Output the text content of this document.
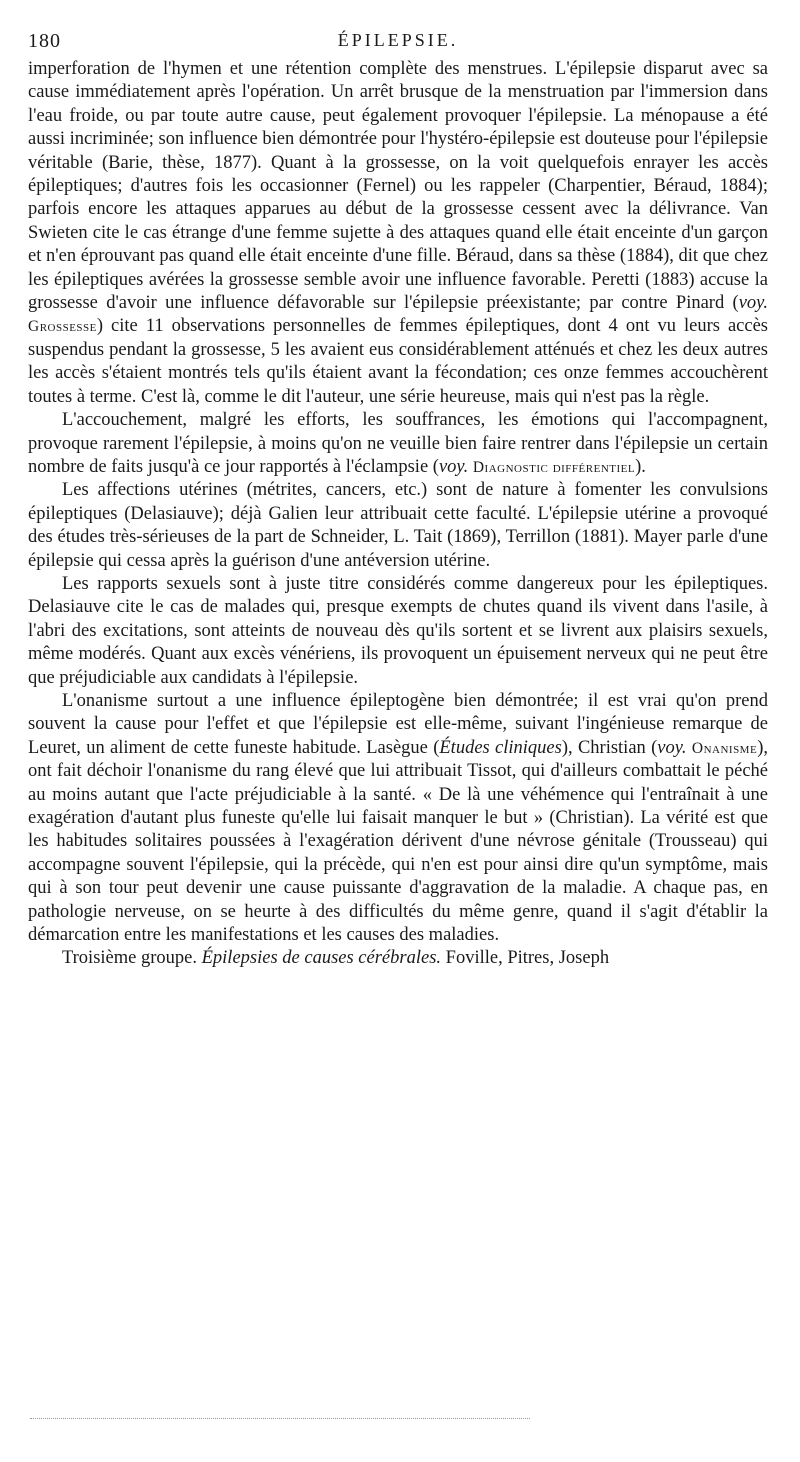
180	ÉPILEPSIE.

imperforation de l'hymen et une rétention complète des menstrues. L'épilepsie disparut avec sa cause immédiatement après l'opération. Un arrêt brusque de la menstruation par l'immersion dans l'eau froide, ou par toute autre cause, peut également provoquer l'épilepsie. La ménopause a été aussi incriminée; son influence bien démontrée pour l'hystéro-épilepsie est douteuse pour l'épilepsie véritable (Barie, thèse, 1877). Quant à la grossesse, on la voit quelquefois enrayer les accès épileptiques; d'autres fois les occasionner (Fernel) ou les rappeler (Charpentier, Béraud, 1884); parfois encore les attaques apparues au début de la grossesse cessent avec la délivrance. Van Swieten cite le cas étrange d'une femme sujette à des attaques quand elle était enceinte d'un garçon et n'en éprouvant pas quand elle était enceinte d'une fille. Béraud, dans sa thèse (1884), dit que chez les épileptiques avérées la grossesse semble avoir une influence favorable. Peretti (1883) accuse la grossesse d'avoir une influence défavorable sur l'épilepsie préexistante; par contre Pinard (voy. Grossesse) cite 11 observations personnelles de femmes épileptiques, dont 4 ont vu leurs accès suspendus pendant la grossesse, 5 les avaient eus considérablement atténués et chez les deux autres les accès s'étaient montrés tels qu'ils étaient avant la fécondation; ces onze femmes accouchèrent toutes à terme. C'est là, comme le dit l'auteur, une série heureuse, mais qui n'est pas la règle.

L'accouchement, malgré les efforts, les souffrances, les émotions qui l'accompagnent, provoque rarement l'épilepsie, à moins qu'on ne veuille bien faire rentrer dans l'épilepsie un certain nombre de faits jusqu'à ce jour rapportés à l'éclampsie (voy. Diagnostic différentiel).

Les affections utérines (métrites, cancers, etc.) sont de nature à fomenter les convulsions épileptiques (Delasiauve); déjà Galien leur attribuait cette faculté. L'épilepsie utérine a provoqué des études très-sérieuses de la part de Schneider, L. Tait (1869), Terrillon (1881). Mayer parle d'une épilepsie qui cessa après la guérison d'une antéversion utérine.

Les rapports sexuels sont à juste titre considérés comme dangereux pour les épileptiques. Delasiauve cite le cas de malades qui, presque exempts de chutes quand ils vivent dans l'asile, à l'abri des excitations, sont atteints de nouveau dès qu'ils sortent et se livrent aux plaisirs sexuels, même modérés. Quant aux excès vénériens, ils provoquent un épuisement nerveux qui ne peut être que préjudiciable aux candidats à l'épilepsie.

L'onanisme surtout a une influence épileptogène bien démontrée; il est vrai qu'on prend souvent la cause pour l'effet et que l'épilepsie est elle-même, suivant l'ingénieuse remarque de Leuret, un aliment de cette funeste habitude. Lasègue (Études cliniques), Christian (voy. Onanisme), ont fait déchoir l'onanisme du rang élevé que lui attribuait Tissot, qui d'ailleurs combattait le péché au moins autant que l'acte préjudiciable à la santé. « De là une véhémence qui l'entraînait à une exagération d'autant plus funeste qu'elle lui faisait manquer le but » (Christian). La vérité est que les habitudes solitaires poussées à l'exagération dérivent d'une névrose génitale (Trousseau) qui accompagne souvent l'épilepsie, qui la précède, qui n'en est pour ainsi dire qu'un symptôme, mais qui à son tour peut devenir une cause puissante d'aggravation de la maladie. A chaque pas, en pathologie nerveuse, on se heurte à des difficultés du même genre, quand il s'agit d'établir la démarcation entre les manifestations et les causes des maladies.

Troisième groupe. Épilepsies de causes cérébrales. Foville, Pitres, Joseph
